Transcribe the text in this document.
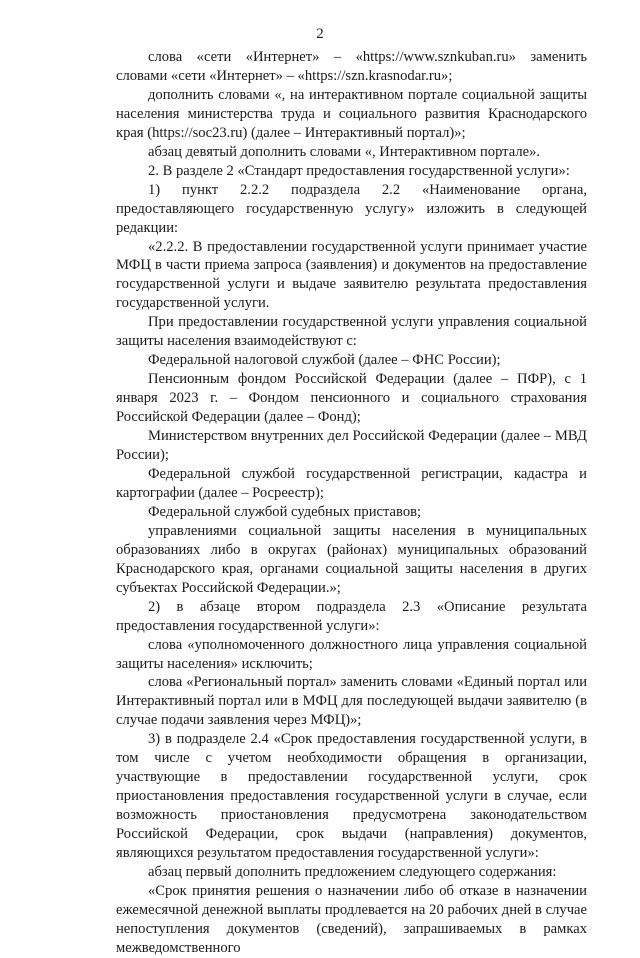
2

слова «сети «Интернет» – «https://www.sznkuban.ru» заменить словами «сети «Интернет» – «https://szn.krasnodar.ru»;

дополнить словами «, на интерактивном портале социальной защиты населения министерства труда и социального развития Краснодарского края (https://soc23.ru) (далее – Интерактивный портал)»;

абзац девятый дополнить словами «, Интерактивном портале».

2. В разделе 2 «Стандарт предоставления государственной услуги»:

1) пункт 2.2.2 подраздела 2.2 «Наименование органа, предоставляющего государственную услугу» изложить в следующей редакции:

«2.2.2. В предоставлении государственной услуги принимает участие МФЦ в части приема запроса (заявления) и документов на предоставление государственной услуги и выдаче заявителю результата предоставления государственной услуги.

При предоставлении государственной услуги управления социальной защиты населения взаимодействуют с:

Федеральной налоговой службой (далее – ФНС России);

Пенсионным фондом Российской Федерации (далее – ПФР), с 1 января 2023 г. – Фондом пенсионного и социального страхования Российской Федерации (далее – Фонд);

Министерством внутренних дел Российской Федерации (далее – МВД России);

Федеральной службой государственной регистрации, кадастра и картографии (далее – Росреестр);

Федеральной службой судебных приставов;

управлениями социальной защиты населения в муниципальных образованиях либо в округах (районах) муниципальных образований Краснодарского края, органами социальной защиты населения в других субъектах Российской Федерации.»;

2) в абзаце втором подраздела 2.3 «Описание результата предоставления государственной услуги»:

слова «уполномоченного должностного лица управления социальной защиты населения» исключить;

слова «Региональный портал» заменить словами «Единый портал или Интерактивный портал или в МФЦ для последующей выдачи заявителю (в случае подачи заявления через МФЦ)»;

3) в подразделе 2.4 «Срок предоставления государственной услуги, в том числе с учетом необходимости обращения в организации, участвующие в предоставлении государственной услуги, срок приостановления предоставления государственной услуги в случае, если возможность приостановления предусмотрена законодательством Российской Федерации, срок выдачи (направления) документов, являющихся результатом предоставления государственной услуги»:

абзац первый дополнить предложением следующего содержания:

«Срок принятия решения о назначении либо об отказе в назначении ежемесячной денежной выплаты продлевается на 20 рабочих дней в случае непоступления документов (сведений), запрашиваемых в рамках межведомственного
